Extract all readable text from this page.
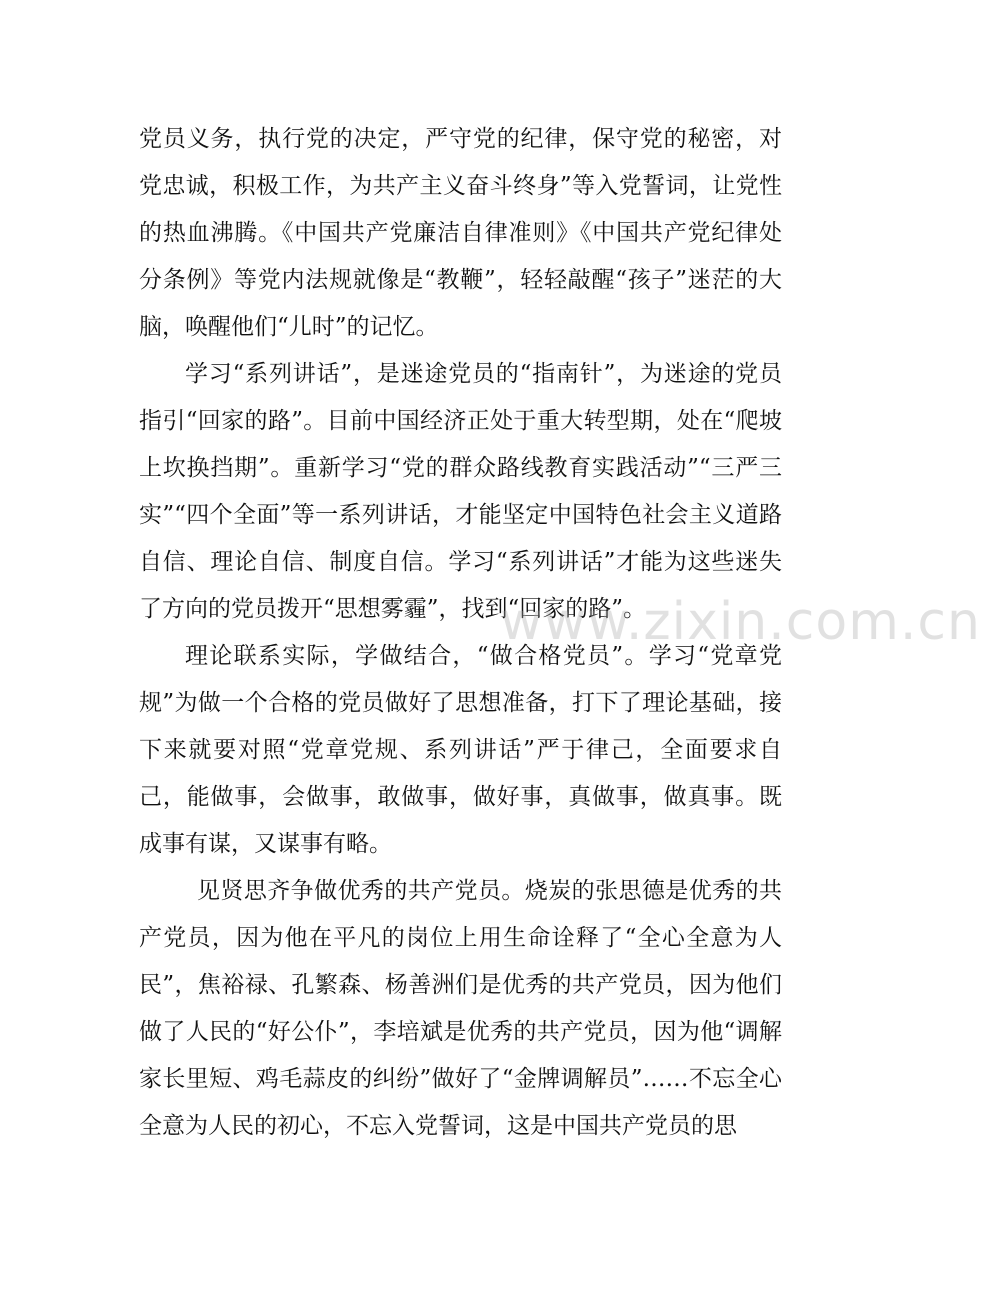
党员义务，执行党的决定，严守党的纪律，保守党的秘密，对党忠诚，积极工作，为共产主义奋斗终身”等入党誓词，让党性的热血沸腾。《中国共产党廉洁自律准则》《中国共产党纪律处分条例》等党内法规就像是“教鞭”，轻轻敲醒“孩子”迷茫的大脑，唤醒他们“儿时”的记忆。

学习“系列讲话”，是迷途党员的“指南针”，为迷途的党员指引“回家的路”。目前中国经济正处于重大转型期，处在“爬坡上坎换挡期”。重新学习“党的群众路线教育实践活动”“三严三实”“四个全面”等一系列讲话，才能坚定中国特色社会主义道路自信、理论自信、制度自信。学习“系列讲话”才能为这些迷失了方向的党员拨开“思想雾霾”，找到“回家的路”。

理论联系实际，学做结合，“做合格党员”。学习“党章党规”为做一个合格的党员做好了思想准备，打下了理论基础，接下来就要对照“党章党规、系列讲话”严于律己，全面要求自己，能做事，会做事，敢做事，做好事，真做事，做真事。既成事有谋，又谋事有略。

见贤思齐争做优秀的共产党员。烧炭的张思德是优秀的共产党员，因为他在平凡的岗位上用生命诠释了“全心全意为人民”，焦裕禄、孔繁森、杨善洲们是优秀的共产党员，因为他们做了人民的“好公仆”，李培斌是优秀的共产党员，因为他“调解家长里短、鸡毛蒜皮的纠纷”做好了“金牌调解员”……不忘全心全意为人民的初心，不忘入党誓词，这是中国共产党员的思

www.zixin.com.cn
